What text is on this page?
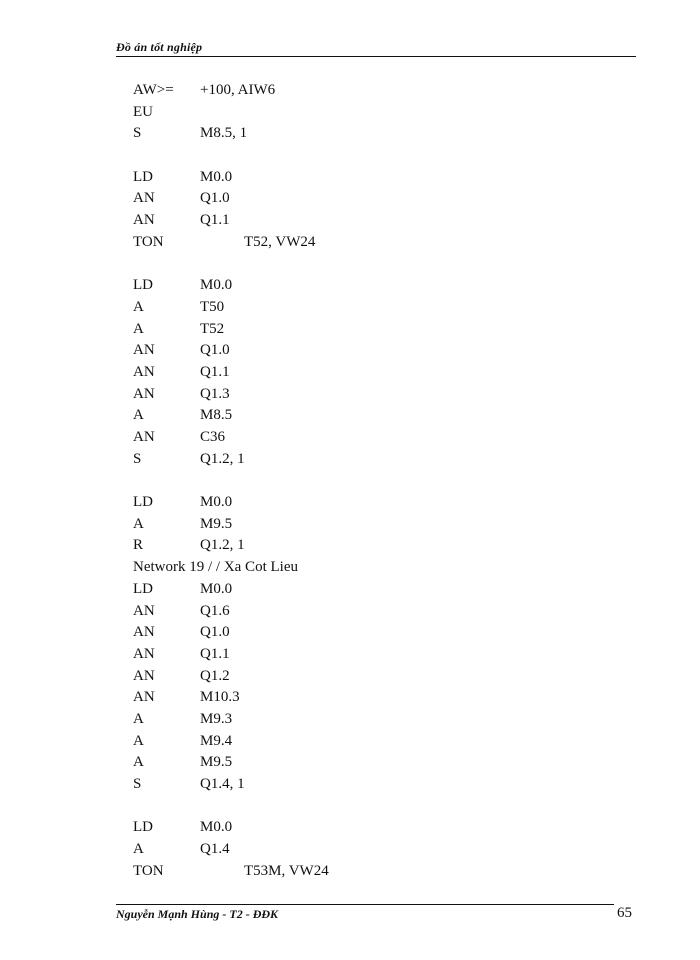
Đồ án tốt nghiệp
AW>= +100, AIW6
EU
S	M8.5, 1
LD	M0.0
AN	Q1.0
AN	Q1.1
TON	T52, VW24
LD	M0.0
A	T50
A	T52
AN	Q1.0
AN	Q1.1
AN	Q1.3
A	M8.5
AN	C36
S	Q1.2, 1
LD	M0.0
A	M9.5
R	Q1.2, 1
Network 19 / / Xa Cot Lieu
LD	M0.0
AN	Q1.6
AN	Q1.0
AN	Q1.1
AN	Q1.2
AN	M10.3
A	M9.3
A	M9.4
A	M9.5
S	Q1.4, 1
LD	M0.0
A	Q1.4
TON	T53M, VW24
Nguyễn Mạnh Hùng - T2 - ĐĐK	65
